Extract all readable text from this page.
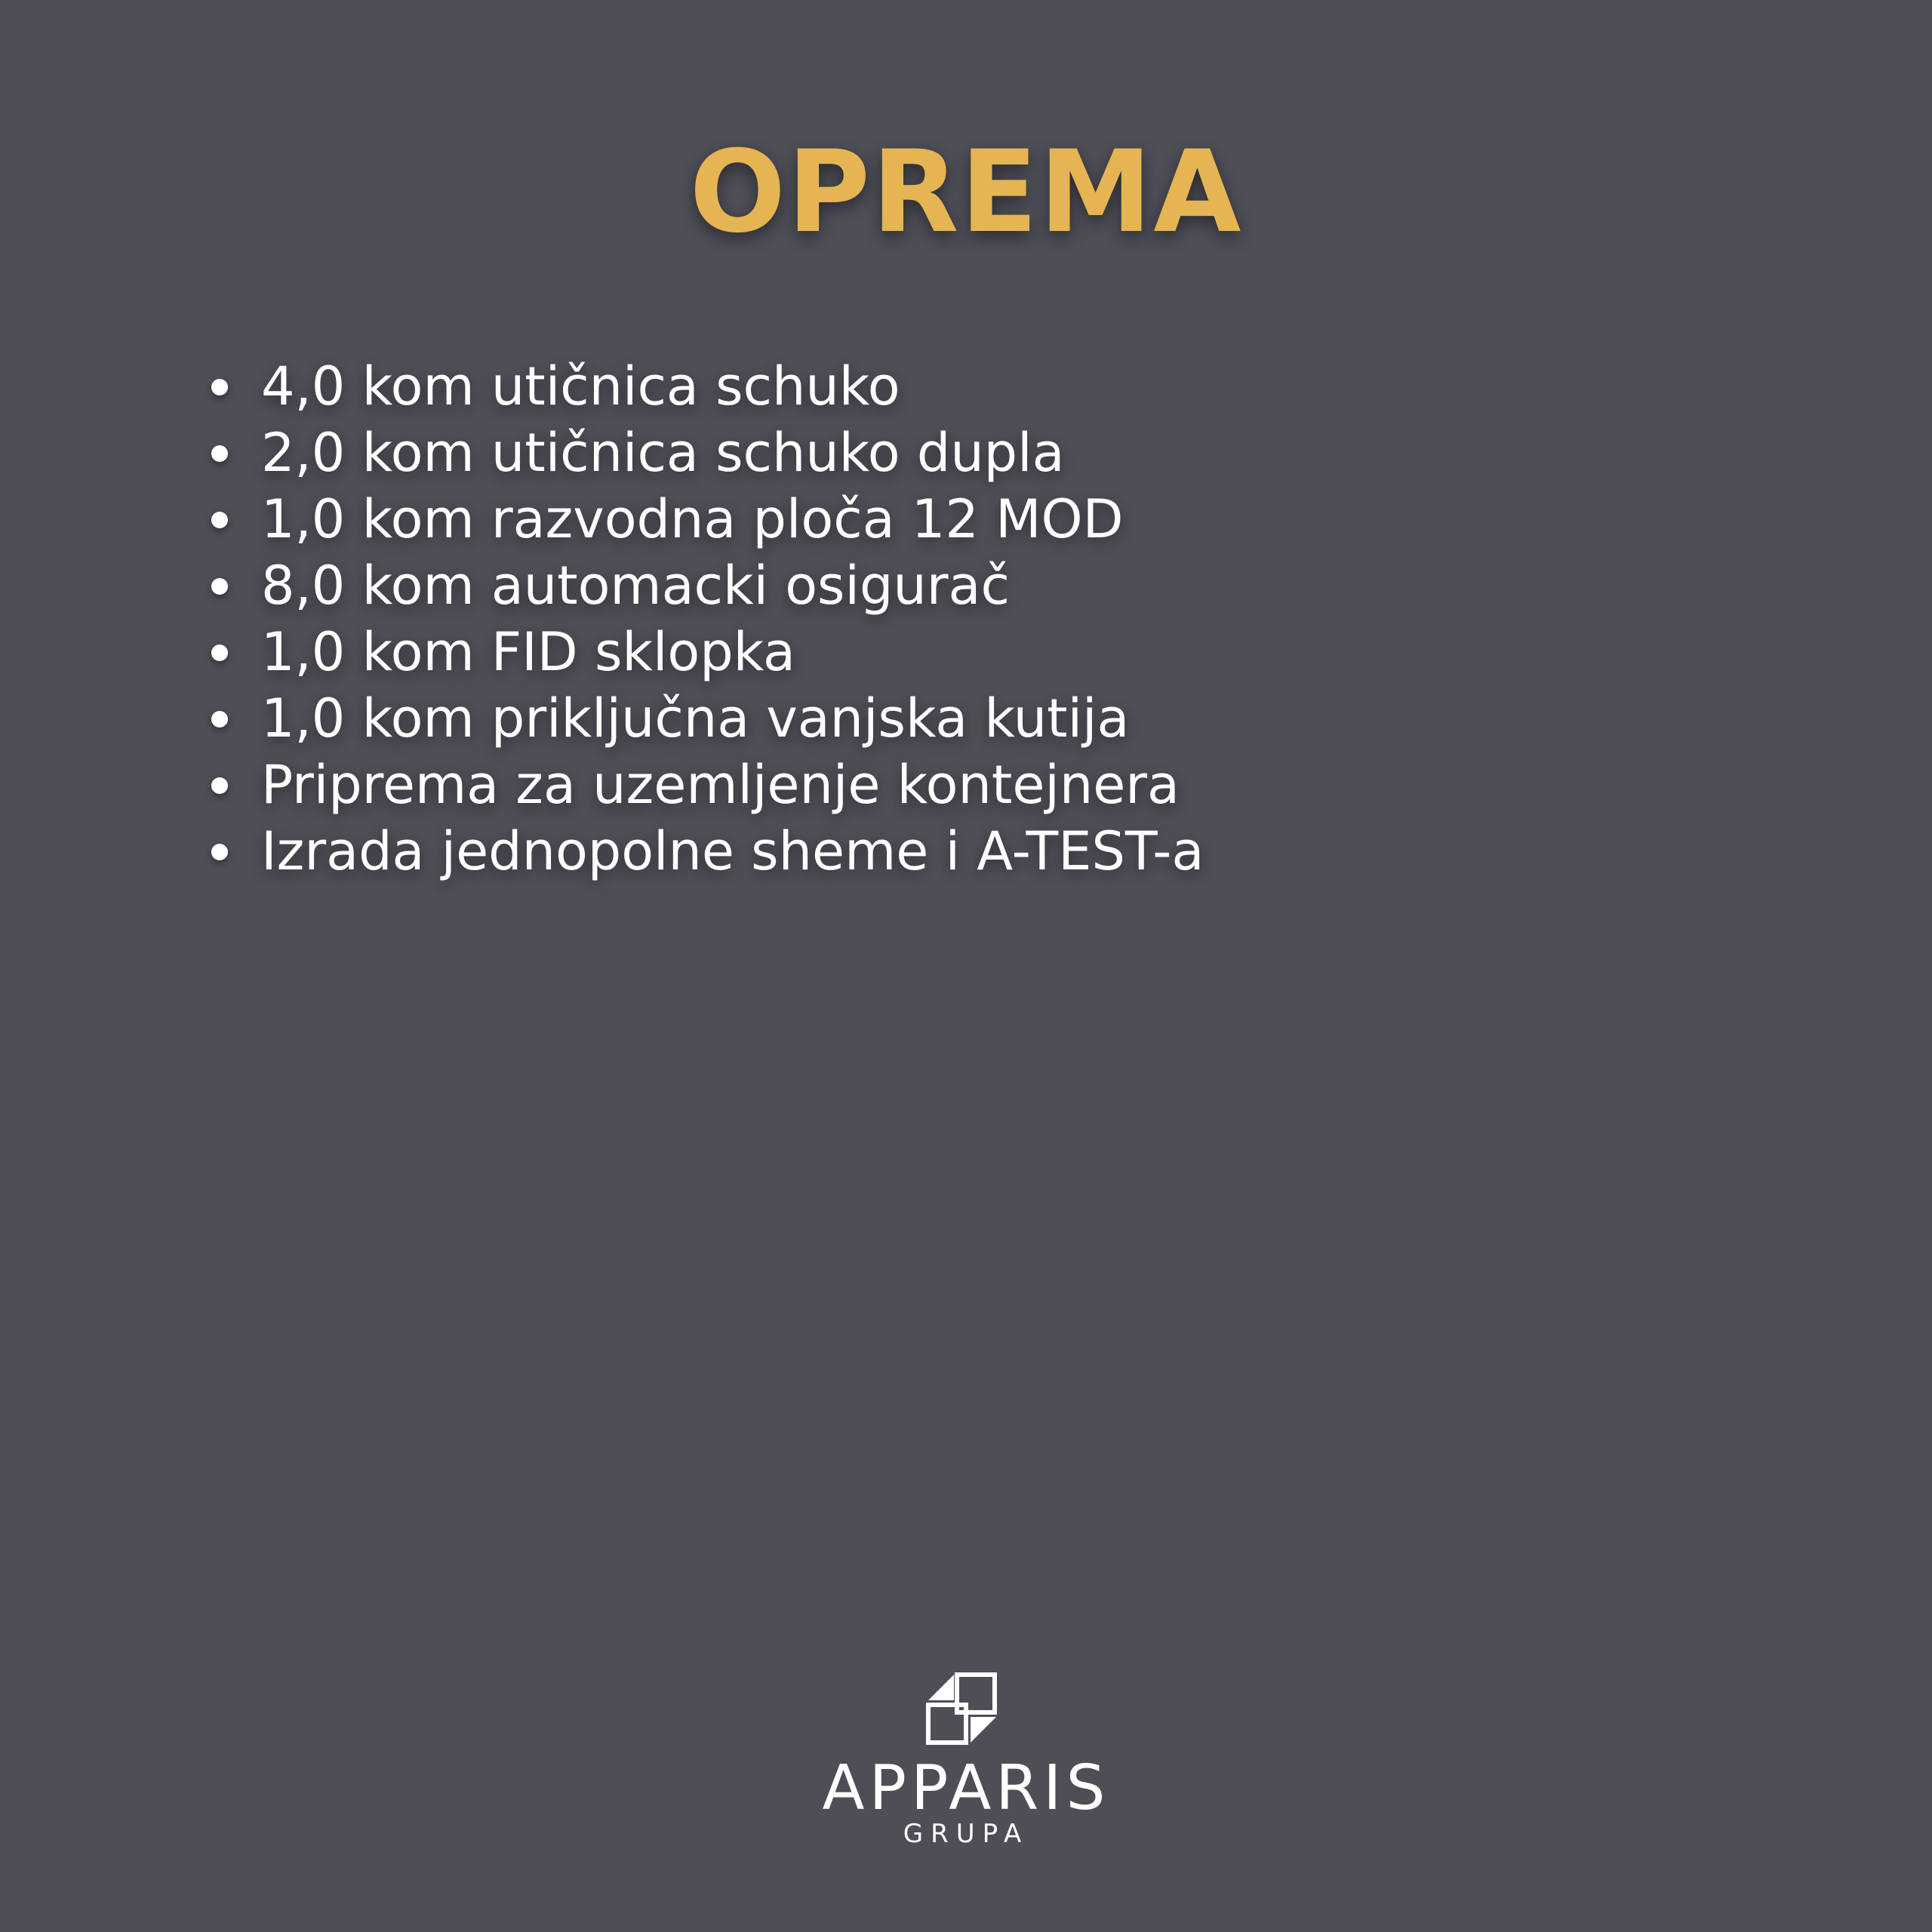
OPREMA
4,0 kom utičnica schuko
2,0 kom utičnica schuko dupla
1,0 kom razvodna ploča 12 MOD
8,0 kom automacki osigurač
1,0 kom FID sklopka
1,0 kom priključna vanjska kutija
Priprema za uzemljenje kontejnera
Izrada jednopolne sheme i A-TEST-a
APPARIS
GRUPA
